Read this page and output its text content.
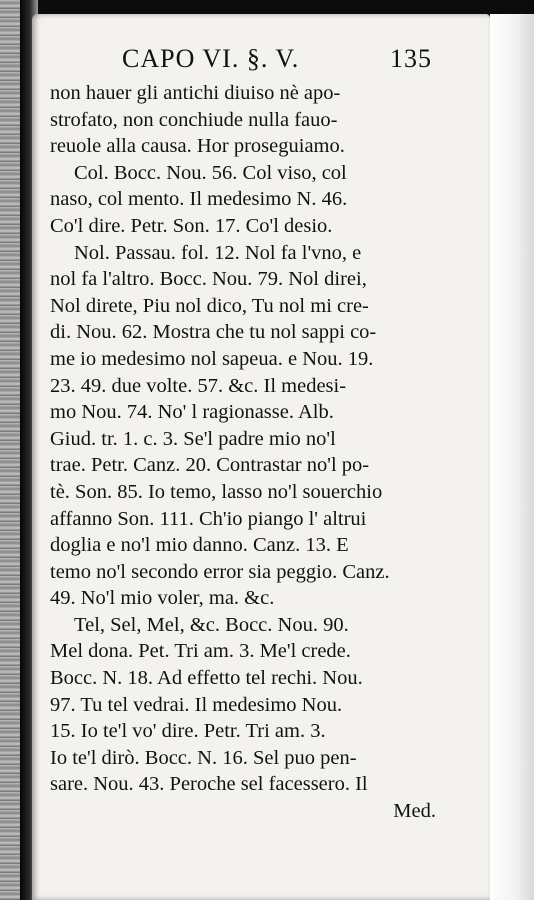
CAPO VI. §. V.	135
non hauer gli antichi diuiso nè apo-
strofato, non conchiude nulla fauo-
reuole alla causa. Hor proseguiamo.
Col. Bocc. Nou. 56. Col viso, col
naso, col mento. Il medesimo N. 46.
Co'l dire. Petr. Son. 17. Co'l desio.
Nol. Passau. fol. 12. Nol fa l'vno, e
nol fa l'altro. Bocc. Nou. 79. Nol direi,
Nol direte, Piu nol dico, Tu nol mi cre-
di. Nou. 62. Mostra che tu nol sappi co-
me io medesimo nol sapeua. e Nou. 19.
23. 49. due volte. 57. &c. Il medesi-
mo Nou. 74. No' l ragionasse. Alb.
Giud. tr. 1. c. 3. Se'l padre mio no'l
trae. Petr. Canz. 20. Contrastar no'l po-
tè. Son. 85. Io temo, lasso no'l souerchio
affanno Son. 111. Ch'io piango l' altrui
doglia e no'l mio danno. Canz. 13. E
temo no'l secondo error sia peggio. Canz.
49. No'l mio voler, ma. &c.
Tel, Sel, Mel, &c. Bocc. Nou. 90.
Mel dona. Pet. Tri am. 3. Me'l crede.
Bocc. N. 18. Ad effetto tel rechi. Nou.
97. Tu tel vedrai. Il medesimo Nou.
15. Io te'l vo' dire. Petr. Tri am. 3.
Io te'l dirò. Bocc. N. 16. Sel puo pen-
sare. Nou. 43. Peroche sel facessero. Il
Med.
